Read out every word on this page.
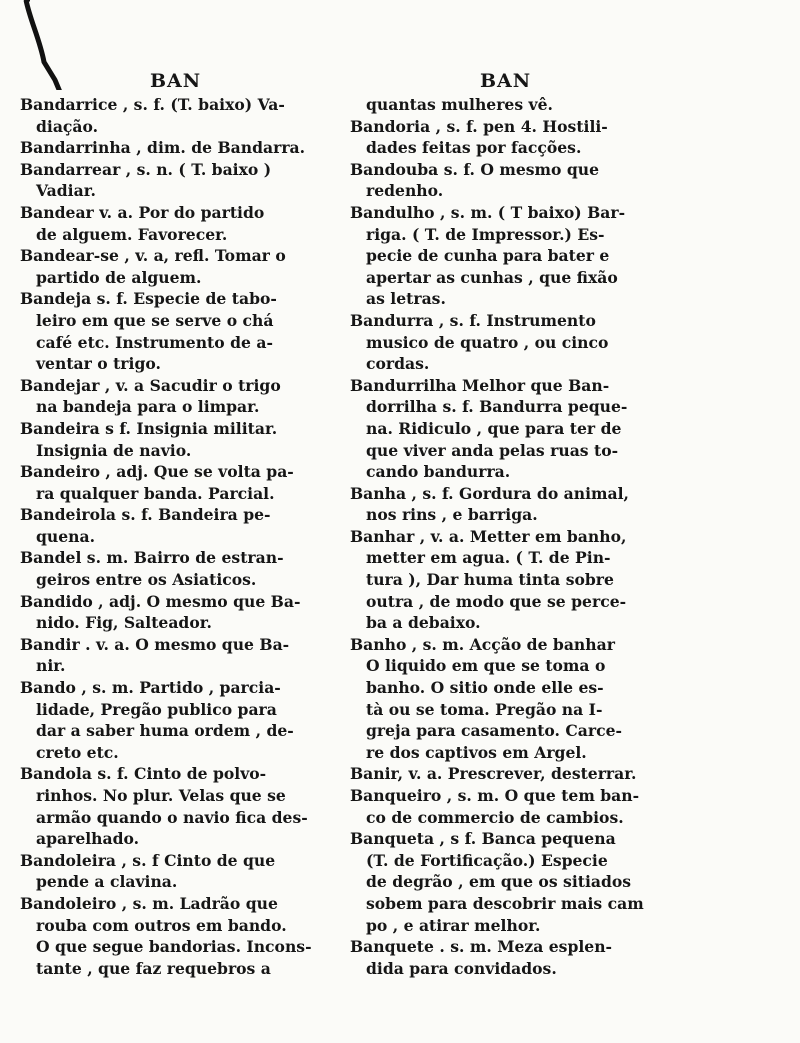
BAN	BAN
Bandarrice , s. f. (T. baixo) Va-
diação.
Bandarrinha , dim. de Bandarra.
Bandarrear , s. n. ( T. baixo )
Vadiar.
Bandear v. a. Por do partido
de alguem. Favorecer.
Bandear-se , v. a, refl. Tomar o
partido de alguem.
Bandeja s. f. Especie de tabo-
leiro em que se serve o chá
café etc. Instrumento de a-
ventar o trigo.
Bandejar , v. a Sacudir o trigo
na bandeja para o limpar.
Bandeira s f. Insignia militar.
Insignia de navio.
Bandeiro , adj. Que se volta pa-
ra qualquer banda. Parcial.
Bandeirola s. f. Bandeira pe-
quena.
Bandel s. m. Bairro de estran-
geiros entre os Asiaticos.
Bandido , adj. O mesmo que Ba-
nido. Fig, Salteador.
Bandir . v. a. O mesmo que Ba-
nir.
Bando , s. m. Partido , parcia-
lidade, Pregão publico para
dar a saber huma ordem , de-
creto etc.
Bandola s. f. Cinto de polvo-
rinhos. No plur. Velas que se
armão quando o navio fica des-
aparelhado.
Bandoleira , s. f Cinto de que
pende a clavina.
Bandoleiro , s. m. Ladrão que
rouba com outros em bando.
O que segue bandorias. Incons-
tante , que faz requebros a
quantas mulheres vê.
Bandoria , s. f. pen 4. Hostili-
dades feitas por facções.
Bandouba s. f. O mesmo que
redenho.
Bandulho , s. m. ( T baixo) Bar-
riga. ( T. de Impressor.) Es-
pecie de cunha para bater e
apertar as cunhas , que fixão
as letras.
Bandurra , s. f. Instrumento
musico de quatro , ou cinco
cordas.
Bandurrilha Melhor que Ban-
dorrilha s. f. Bandurra peque-
na. Ridiculo , que para ter de
que viver anda pelas ruas to-
cando bandurra.
Banha , s. f. Gordura do animal,
nos rins , e barriga.
Banhar , v. a. Metter em banho,
metter em agua. ( T. de Pin-
tura ), Dar huma tinta sobre
outra , de modo que se perce-
ba a debaixo.
Banho , s. m. Acção de banhar
O liquido em que se toma o
banho. O sitio onde elle es-
tà ou se toma. Pregão na I-
greja para casamento. Carce-
re dos captivos em Argel.
Banir, v. a. Prescrever, desterrar.
Banqueiro , s. m. O que tem ban-
co de commercio de cambios.
Banqueta , s f. Banca pequena
(T. de Fortificação.) Especie
de degrão , em que os sitiados
sobem para descobrir mais cam
po , e atirar melhor.
Banquete . s. m. Meza esplen-
dida para convidados.
